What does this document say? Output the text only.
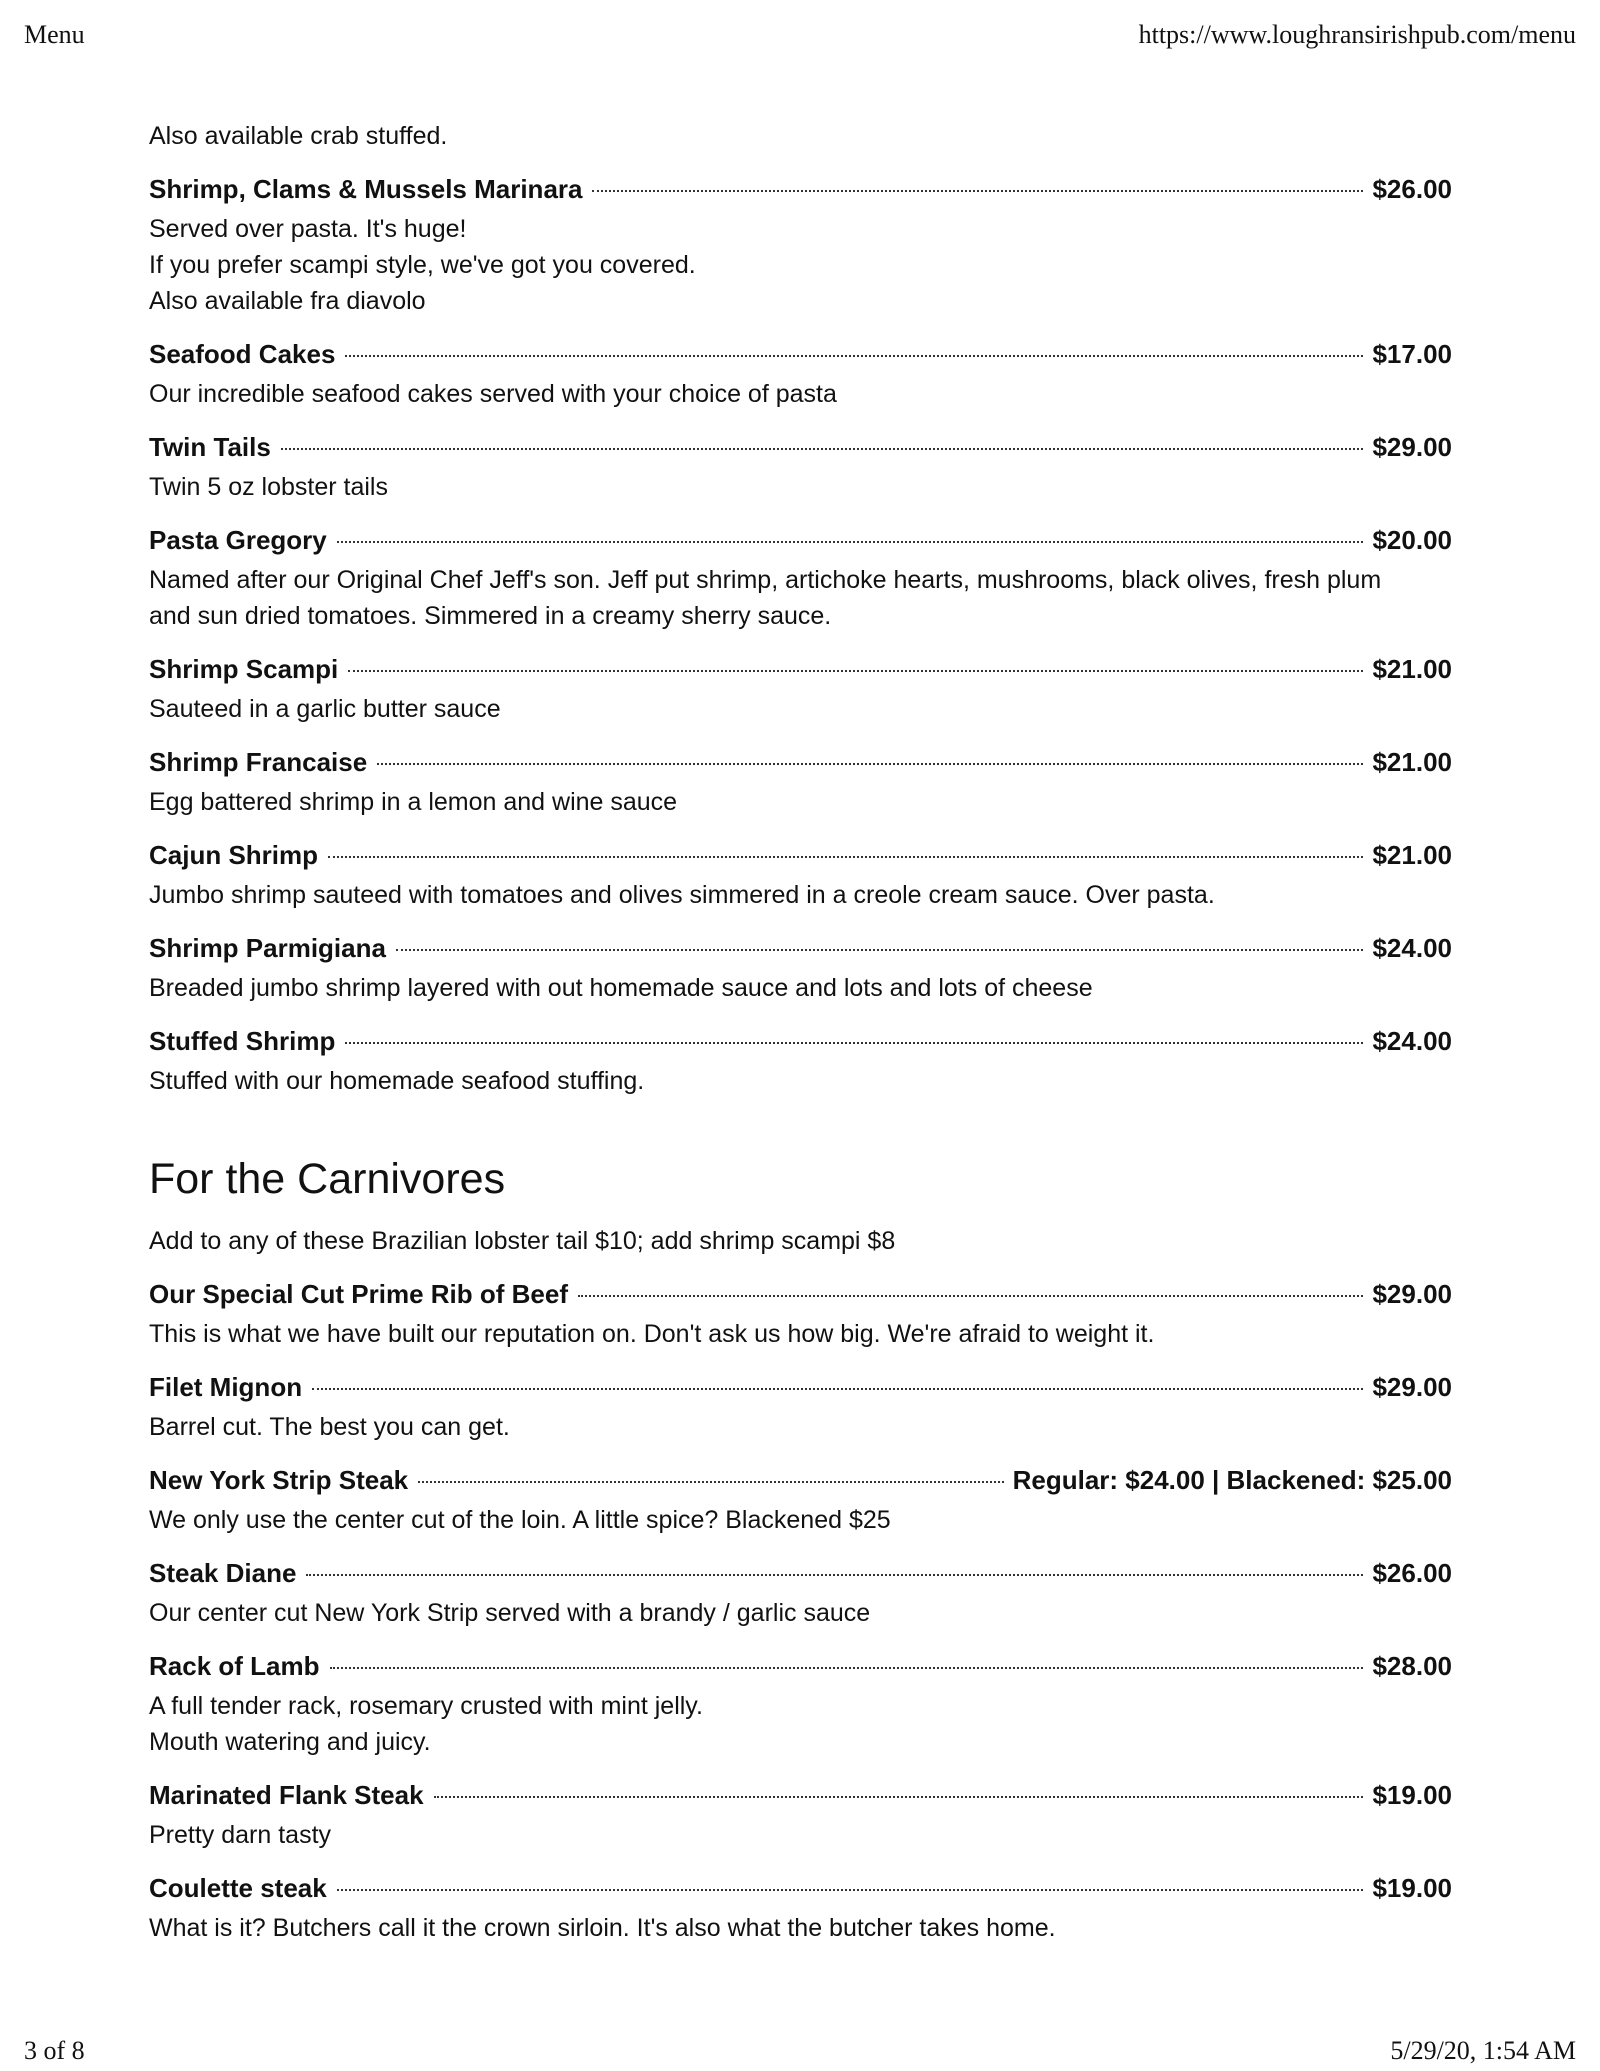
Menu	https://www.loughransirishpub.com/menu

Also available crab stuffed.

Shrimp, Clams & Mussels Marinara	$26.00

Served over pasta. It's huge!

If you prefer scampi style, we've got you covered.

Also available fra diavolo

Seafood Cakes	$17.00

Our incredible seafood cakes served with your choice of pasta

Twin Tails	$29.00

Twin 5 oz lobster tails

Pasta Gregory	$20.00

Named after our Original Chef Jeff's son. Jeff put shrimp, artichoke hearts, mushrooms, black olives, fresh plum

and sun dried tomatoes. Simmered in a creamy sherry sauce.

Shrimp Scampi	$21.00

Sauteed in a garlic butter sauce

Shrimp Francaise	$21.00

Egg battered shrimp in a lemon and wine sauce

Cajun Shrimp	$21.00

Jumbo shrimp sauteed with tomatoes and olives simmered in a creole cream sauce. Over pasta.

Shrimp Parmigiana	$24.00

Breaded jumbo shrimp layered with out homemade sauce and lots and lots of cheese

Stuffed Shrimp	$24.00

Stuffed with our homemade seafood stuffing.

For the Carnivores

Add to any of these Brazilian lobster tail $10; add shrimp scampi $8

Our Special Cut Prime Rib of Beef	$29.00

This is what we have built our reputation on. Don't ask us how big. We're afraid to weight it.

Filet Mignon	$29.00

Barrel cut. The best you can get.

New York Strip Steak	Regular: $24.00 | Blackened: $25.00

We only use the center cut of the loin. A little spice? Blackened $25

Steak Diane	$26.00

Our center cut New York Strip served with a brandy / garlic sauce

Rack of Lamb	$28.00

A full tender rack, rosemary crusted with mint jelly.

Mouth watering and juicy.

Marinated Flank Steak	$19.00

Pretty darn tasty

Coulette steak	$19.00

What is it? Butchers call it the crown sirloin. It's also what the butcher takes home.

3 of 8	5/29/20, 1:54 AM
